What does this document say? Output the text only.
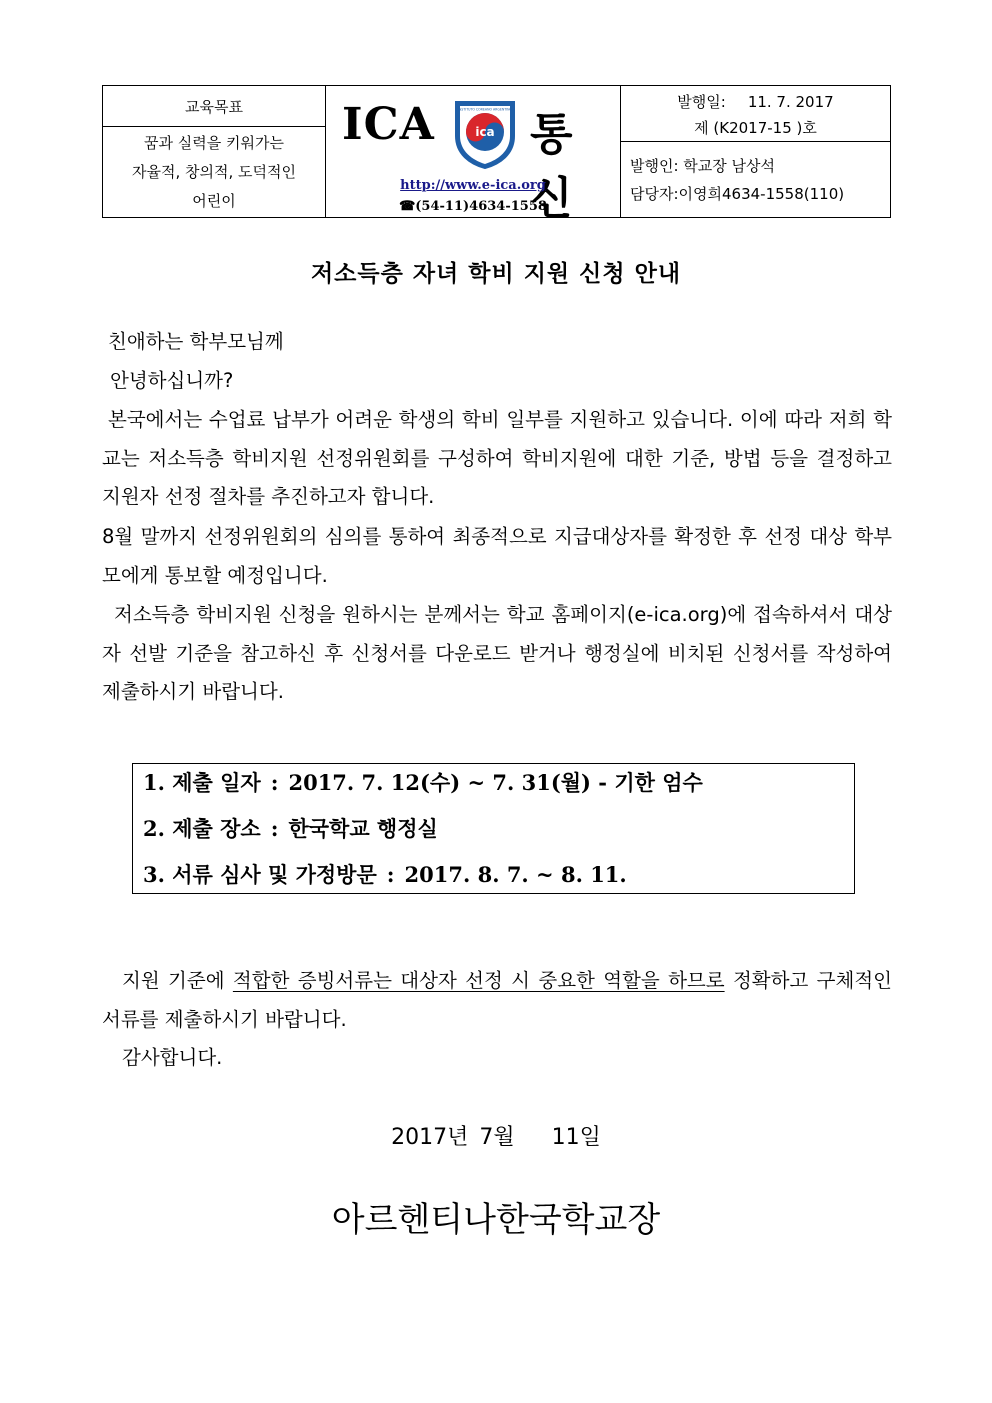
교육목표
꿈과 실력을 키워가는
자율적, 창의적, 도덕적인
어린이
ICA	ica
INSTITUTO COREANO ARGENTINO 통신
http://www.e-ica.org
☎(54-11)4634-1558
발행일: 11. 7. 2017
제 (K2017-15 )호
발행인: 학교장 남상석
담당자:이영희4634-1558(110)
저소득층 자녀 학비 지원 신청 안내
친애하는 학부모님께
안녕하십니까?
본국에서는 수업료 납부가 어려운 학생의 학비 일부를 지원하고 있습니다. 이에 따라 저희 학교는 저소득층 학비지원 선정위원회를 구성하여 학비지원에 대한 기준, 방법 등을 결정하고 지원자 선정 절차를 추진하고자 합니다.
8월 말까지 선정위원회의 심의를 통하여 최종적으로 지급대상자를 확정한 후 선정 대상 학부모에게 통보할 예정입니다.
저소득층 학비지원 신청을 원하시는 분께서는 학교 홈페이지(e-ica.org)에 접속하셔서 대상자 선발 기준을 참고하신 후 신청서를 다운로드 받거나 행정실에 비치된 신청서를 작성하여 제출하시기 바랍니다.
1. 제출 일자 : 2017. 7. 12(수) ~ 7. 31(월) - 기한 엄수
2. 제출 장소 : 한국학교 행정실
3. 서류 심사 및 가정방문 : 2017. 8. 7. ~ 8. 11.
지원 기준에 적합한 증빙서류는 대상자 선정 시 중요한 역할을 하므로 정확하고 구체적인 서류를 제출하시기 바랍니다.
감사합니다.
2017년 7월 11일
아르헨티나한국학교장
